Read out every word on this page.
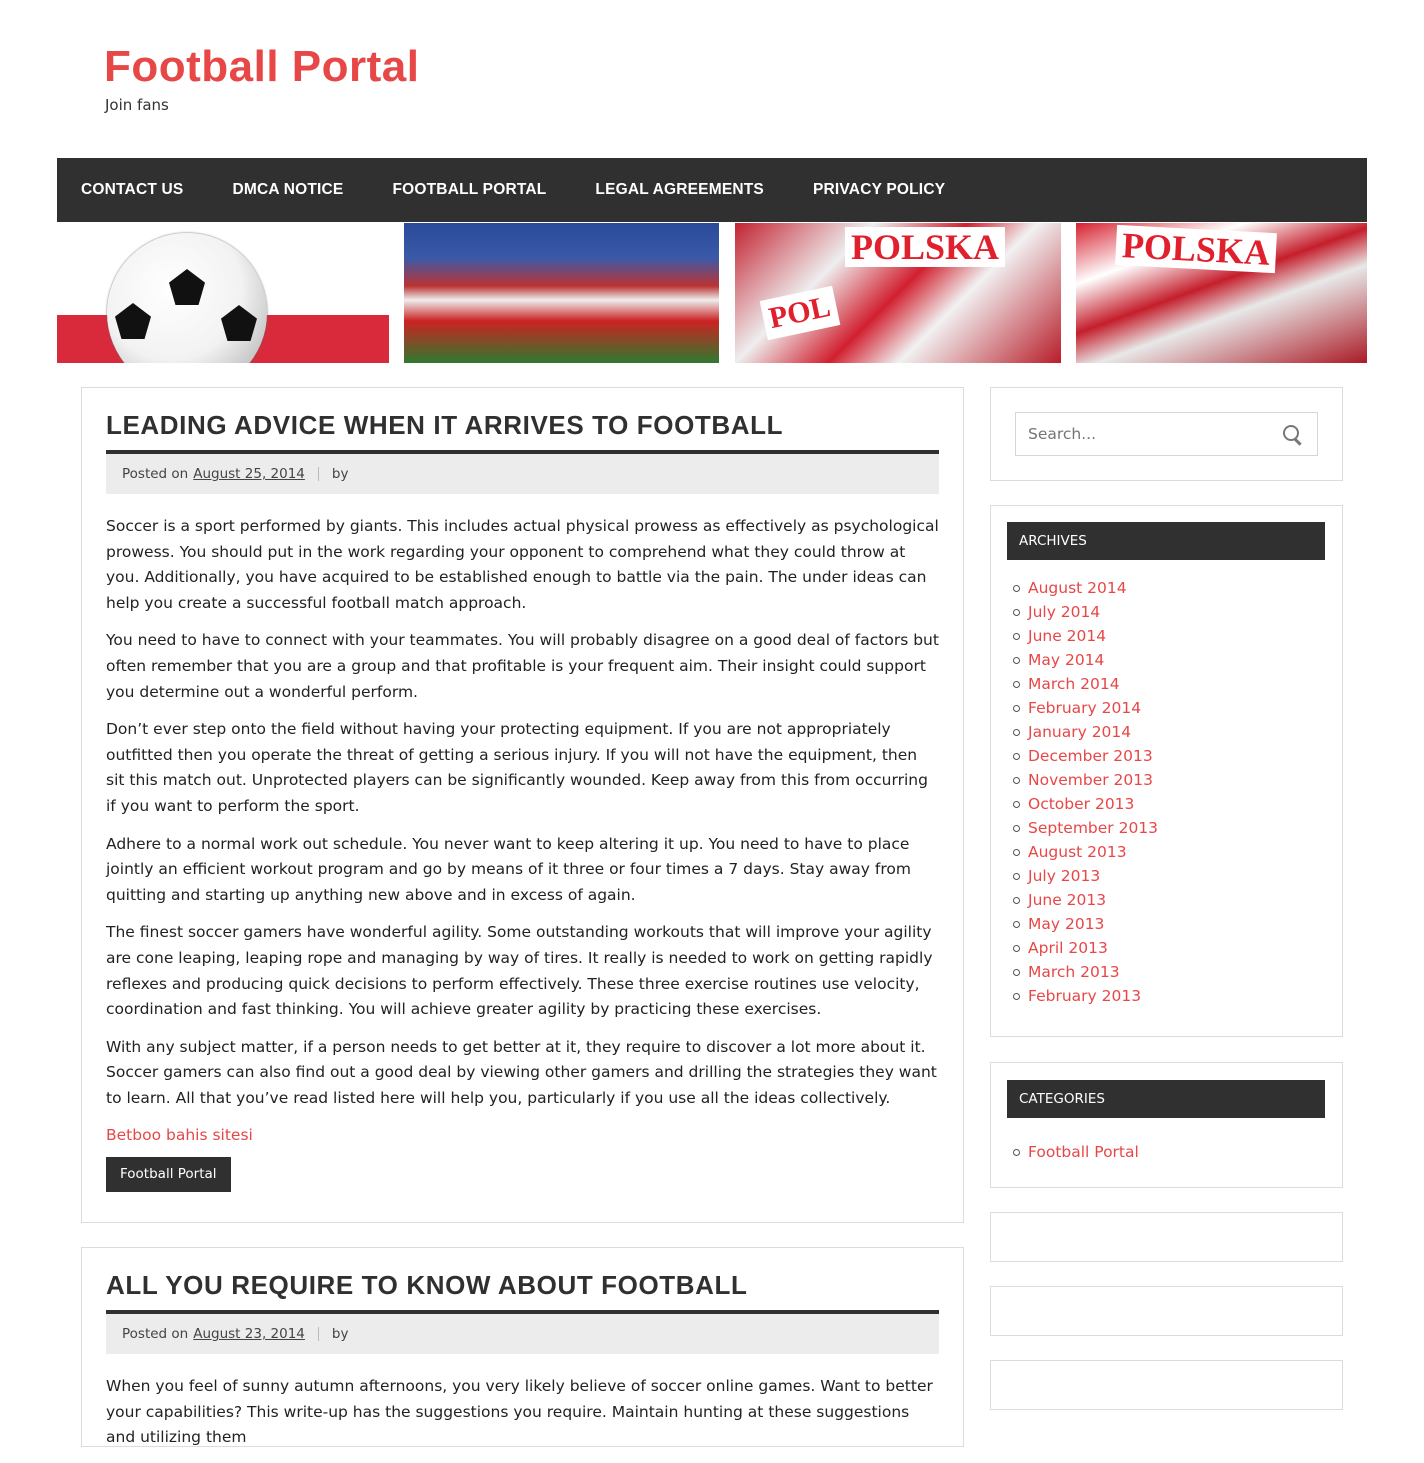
Football Portal
Join fans
CONTACT US	DMCA NOTICE	FOOTBALL PORTAL	LEGAL AGREEMENTS	PRIVACY POLICY
POLSKA
POL
POLSKA
LEADING ADVICE WHEN IT ARRIVES TO FOOTBALL
Posted on August 25, 2014 by

Soccer is a sport performed by giants. This includes actual physical prowess as effectively as psychological prowess. You should put in the work regarding your opponent to comprehend what they could throw at you. Additionally, you have acquired to be established enough to battle via the pain. The under ideas can help you create a successful football match approach.

You need to have to connect with your teammates. You will probably disagree on a good deal of factors but often remember that you are a group and that profitable is your frequent aim. Their insight could support you determine out a wonderful perform.

Don’t ever step onto the field without having your protecting equipment. If you are not appropriately outfitted then you operate the threat of getting a serious injury. If you will not have the equipment, then sit this match out. Unprotected players can be significantly wounded. Keep away from this from occurring if you want to perform the sport.

Adhere to a normal work out schedule. You never want to keep altering it up. You need to have to place jointly an efficient workout program and go by means of it three or four times a 7 days. Stay away from quitting and starting up anything new above and in excess of again.

The finest soccer gamers have wonderful agility. Some outstanding workouts that will improve your agility are cone leaping, leaping rope and managing by way of tires. It really is needed to work on getting rapidly reflexes and producing quick decisions to perform effectively. These three exercise routines use velocity, coordination and fast thinking. You will achieve greater agility by practicing these exercises.

With any subject matter, if a person needs to get better at it, they require to discover a lot more about it. Soccer gamers can also find out a good deal by viewing other gamers and drilling the strategies they want to learn. All that you’ve read listed here will help you, particularly if you use all the ideas collectively.

Betboo bahis sitesi

Football Portal
ALL YOU REQUIRE TO KNOW ABOUT FOOTBALL
Posted on August 23, 2014 by

When you feel of sunny autumn afternoons, you very likely believe of soccer online games. Want to better your capabilities? This write-up has the suggestions you require. Maintain hunting at these suggestions and utilizing them

Search...
ARCHIVES
August 2014
July 2014
June 2014
May 2014
March 2014
February 2014
January 2014
December 2013
November 2013
October 2013
September 2013
August 2013
July 2013
June 2013
May 2013
April 2013
March 2013
February 2013
CATEGORIES
Football Portal
